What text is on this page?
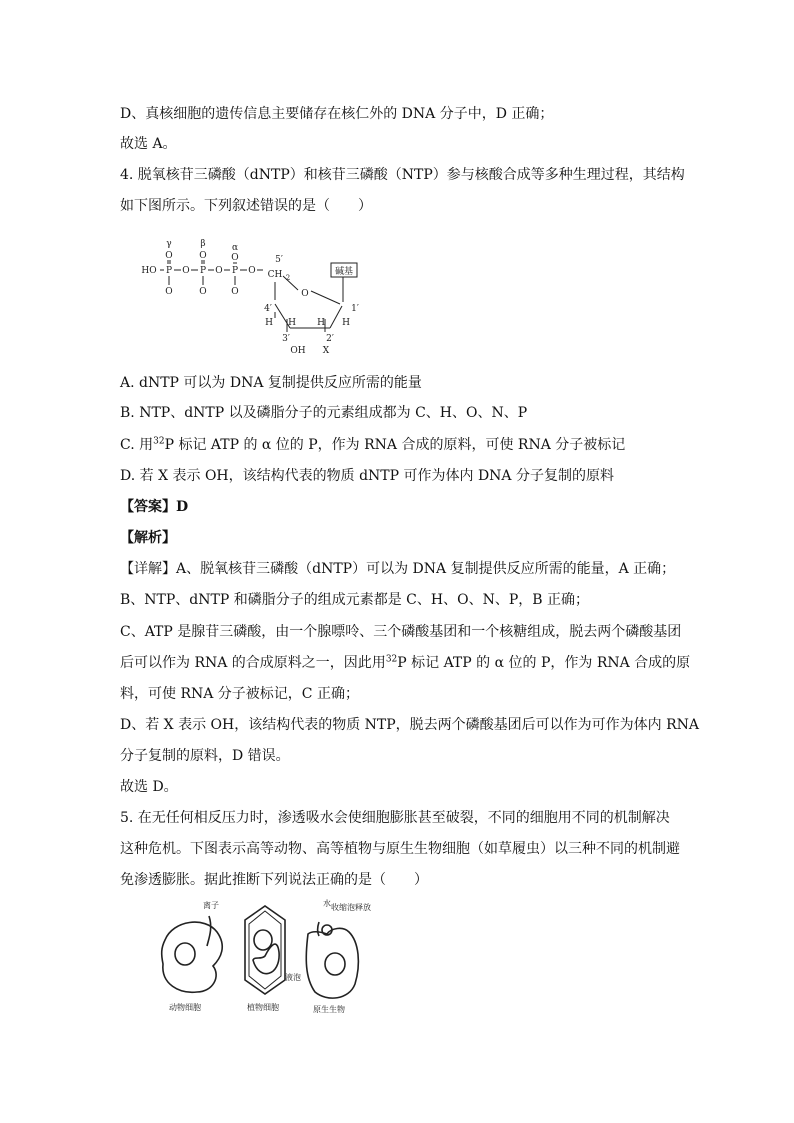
D、真核细胞的遗传信息主要储存在核仁外的 DNA 分子中，D 正确；
故选 A。
4. 脱氧核苷三磷酸（dNTP）和核苷三磷酸（NTP）参与核酸合成等多种生理过程，其结构
如下图所示。下列叙述错误的是（　　）
γ	β	α
HO
O	O	O
P	P	P
O	O	O
O	O	O
5′
CH 2
O
4′	1′
H H H H
3′	2′
OH X
碱基
A. dNTP 可以为 DNA 复制提供反应所需的能量
B. NTP、dNTP 以及磷脂分子的元素组成都为 C、H、O、N、P
C. 用$^{32}$P 标记 ATP 的 α 位的 P，作为 RNA 合成的原料，可使 RNA 分子被标记
D. 若 X 表示 OH，该结构代表的物质 dNTP 可作为体内 DNA 分子复制的原料
【答案】D
【解析】
【详解】A、脱氧核苷三磷酸（dNTP）可以为 DNA 复制提供反应所需的能量，A 正确；
B、NTP、dNTP 和磷脂分子的组成元素都是 C、H、O、N、P，B 正确；
C、ATP 是腺苷三磷酸，由一个腺嘌呤、三个磷酸基团和一个核糖组成，脱去两个磷酸基团
后可以作为 RNA 的合成原料之一，因此用$^{32}$P 标记 ATP 的 α 位的 P，作为 RNA 合成的原
料，可使 RNA 分子被标记，C 正确；
D、若 X 表示 OH，该结构代表的物质 NTP，脱去两个磷酸基团后可以作为可作为体内 RNA
分子复制的原料，D 错误。
故选 D。
5. 在无任何相反压力时，渗透吸水会使细胞膨胀甚至破裂，不同的细胞用不同的机制解决
这种危机。下图表示高等动物、高等植物与原生生物细胞（如草履虫）以三种不同的机制避
免渗透膨胀。据此推断下列说法正确的是（　　）
离子
液泡
水 收缩泡释放
动物细胞	植物细胞	原生生物
